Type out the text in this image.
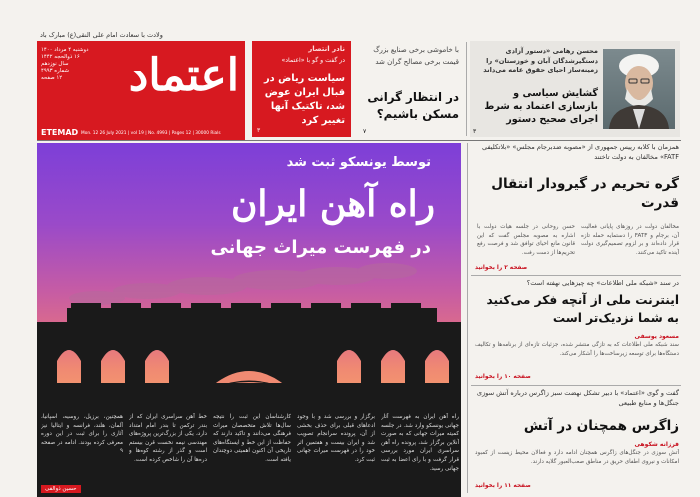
ولادت با سعادت امام علی النقی(ع) مبارک باد
اعتماد
دوشنبه ۴ مرداد ۱۴۰۰
۱۶ ذوالحجه ۱۴۴۲
سال نوزدهم
شماره ۴۹۹۳
۱۲ صفحه
ETEMAD Mon. 12 26 July 2021 | vol 19 | No. 4993 | Pages 12 | 30000 Rials
نادر انتصار
در گفت و گو با «اعتماد»
سیاست ریاض در قبال ایران عوض شد، تاکتیک آنها تغییر کرد
۳
با خاموشی برخی صنایع بزرگ قیمت برخی مصالح گران شد
در انتظار گرانی مسکن باشیم؟
۷
محسن رهامی «دستور آزادی دستگیرشدگان آبان و خوزستان» را زمینه‌ساز احیای حقوق عامه می‌داند
گشایش سیاسی و بازسازی اعتماد به شرط اجرای صحیح دستور
۳
توسط یونسکو ثبت شد
راه آهن ایران
در فهرست میراث جهانی
راه آهن ایران به فهرست آثار جهانی یونسکو وارد شد. در جلسه کمیته میراث جهانی که به صورت آنلاین برگزار شد، پرونده راه آهن سراسری ایران مورد بررسی قرار گرفت و با رای اعضا به ثبت جهانی رسید.
برگزار و بررسی شد و با وجود ادعاهای قبلی برای حذف بخشی از آن، پرونده سرانجام تصویب شد و ایران بیست و هفتمین اثر خود را در فهرست میراث جهانی ثبت کرد.
کارشناسان این ثبت را نتیجه سال‌ها تلاش متخصصان میراث فرهنگی می‌دانند و تاکید دارند که حفاظت از این خط و ایستگاه‌های تاریخی آن اکنون اهمیتی دوچندان یافته است.
خط آهن سراسری ایران که از بندر ترکمن تا بندر امام امتداد دارد، یکی از بزرگ‌ترین پروژه‌های مهندسی نیمه نخست قرن بیستم است و گذر از رشته کوه‌ها و دره‌ها آن را شاخص کرده است.
همچنین، برزیل، روسیه، اسپانیا، آلمان، هلند، فرانسه و ایتالیا نیز آثاری را برای ثبت در این دوره معرفی کرده بودند. ادامه در صفحه ۹
حسین ذوالفی
همزمان با کلابه رییس جمهوری از «مصوبه ضدبرجام مجلس» «بلاتکلیفی FATF» مخالفان به دولت تاختند
گره تحریم در گیرودار انتقال قدرت
مخالفان دولت در روزهای پایانی فعالیت آن، برجام و FATF را دستمایه حمله تازه قرار داده‌اند و بر لزوم تصمیم‌گیری دولت آینده تاکید می‌کنند.
حسن روحانی در جلسه هیات دولت با اشاره به مصوبه مجلس گفت که این قانون مانع احیای توافق شد و فرصت رفع تحریم‌ها از دست رفت.
صفحه ۲ را بخوانید
در سند «شبکه ملی اطلاعات» چه چیزهایی نهفته است؟
اینترنت ملی از آنچه فکر می‌کنید به شما نزدیک‌تر است
مسعود یوسفی
سند شبکه ملی اطلاعات که به تازگی منتشر شده، جزئیات تازه‌ای از برنامه‌ها و تکالیف دستگاه‌ها برای توسعه زیرساخت‌ها را آشکار می‌کند.
صفحه ۱۰ را بخوانید
گفت و گوی «اعتماد» با دبیر تشکل نهضت سبز زاگرس درباره آتش سوزی جنگل‌ها و منابع طبیعی
زاگرس همچنان در آتش
فرزانه شکوهی
آتش سوزی در جنگل‌های زاگرس همچنان ادامه دارد و فعالان محیط زیست از کمبود امکانات و نیروی اطفای حریق در مناطق صعب‌العبور گلایه دارند.
صفحه ۱۱ را بخوانید
